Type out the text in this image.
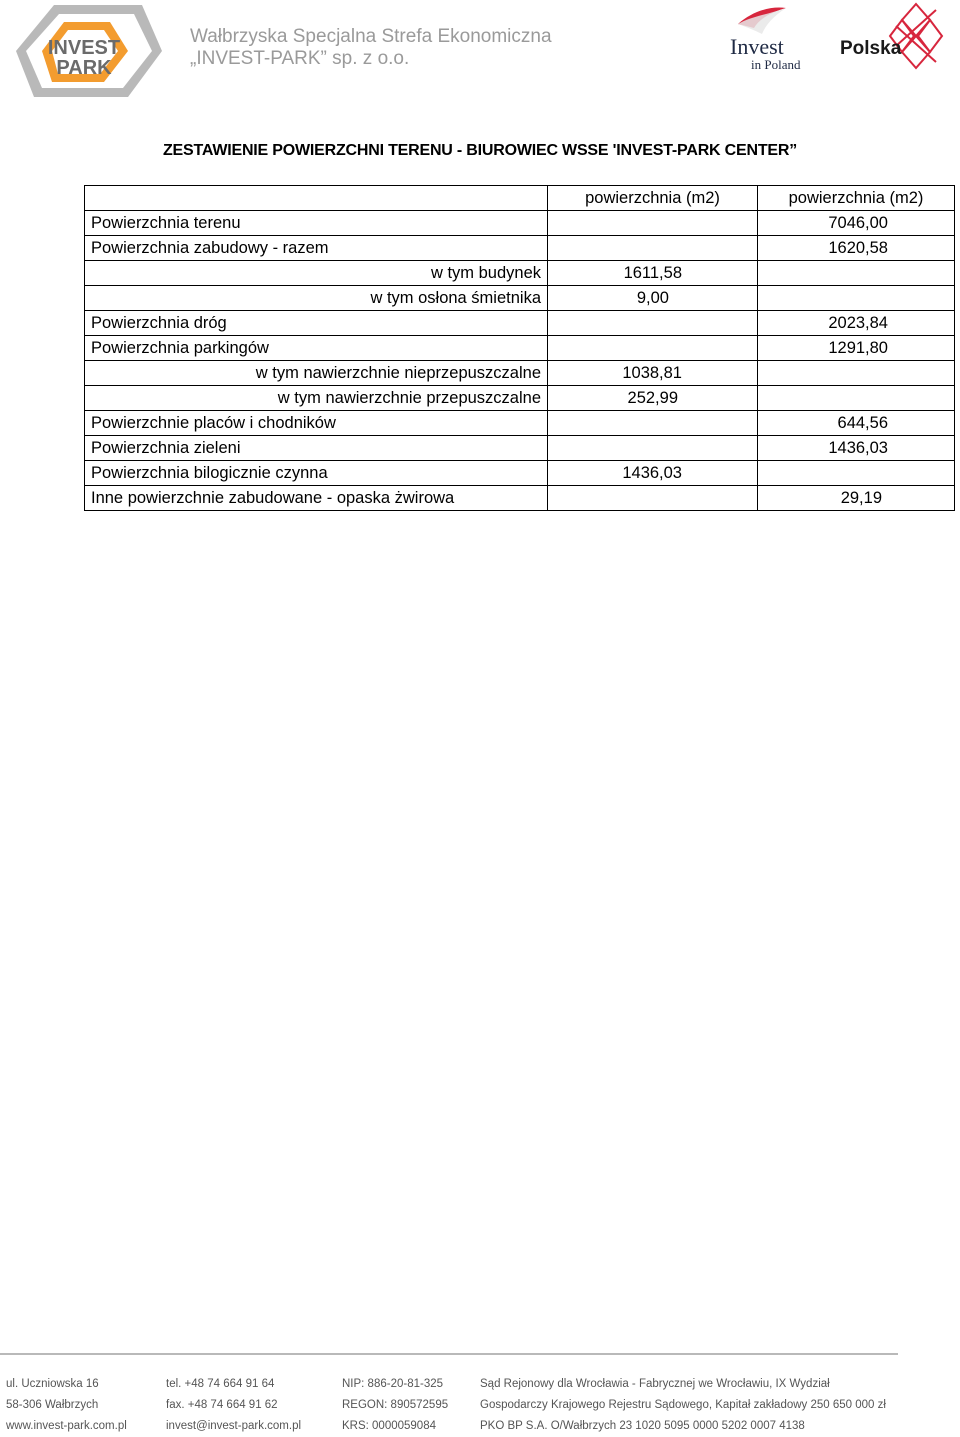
INVEST
PARK
Wałbrzyska Specjalna Strefa Ekonomiczna
„INVEST-PARK” sp. z o.o.	Invest
in Poland
Polska
ZESTAWIENIE POWIERZCHNI TERENU - BIUROWIEC WSSE 'INVEST-PARK CENTER”
	powierzchnia (m2)	powierzchnia (m2)
Powierzchnia terenu		7046,00
Powierzchnia zabudowy - razem		1620,58
w tym budynek	1611,58	
w tym osłona śmietnika	9,00	
Powierzchnia dróg		2023,84
Powierzchnia parkingów		1291,80
w tym nawierzchnie nieprzepuszczalne	1038,81	
w tym nawierzchnie przepuszczalne	252,99	
Powierzchnie placów i chodników		644,56
Powierzchnia zieleni		1436,03
Powierzchnia bilogicznie czynna	1436,03	
Inne powierzchnie zabudowane - opaska żwirowa		29,19
ul. Uczniowska 16
58-306 Wałbrzych
www.invest-park.com.pl
tel. +48 74 664 91 64
fax. +48 74 664 91 62
invest@invest-park.com.pl
NIP: 886-20-81-325
REGON: 890572595
KRS: 0000059084
Sąd Rejonowy dla Wrocławia - Fabrycznej we Wrocławiu, IX Wydział
Gospodarczy Krajowego Rejestru Sądowego, Kapitał zakładowy 250 650 000 zł
PKO BP S.A. O/Wałbrzych 23 1020 5095 0000 5202 0007 4138
